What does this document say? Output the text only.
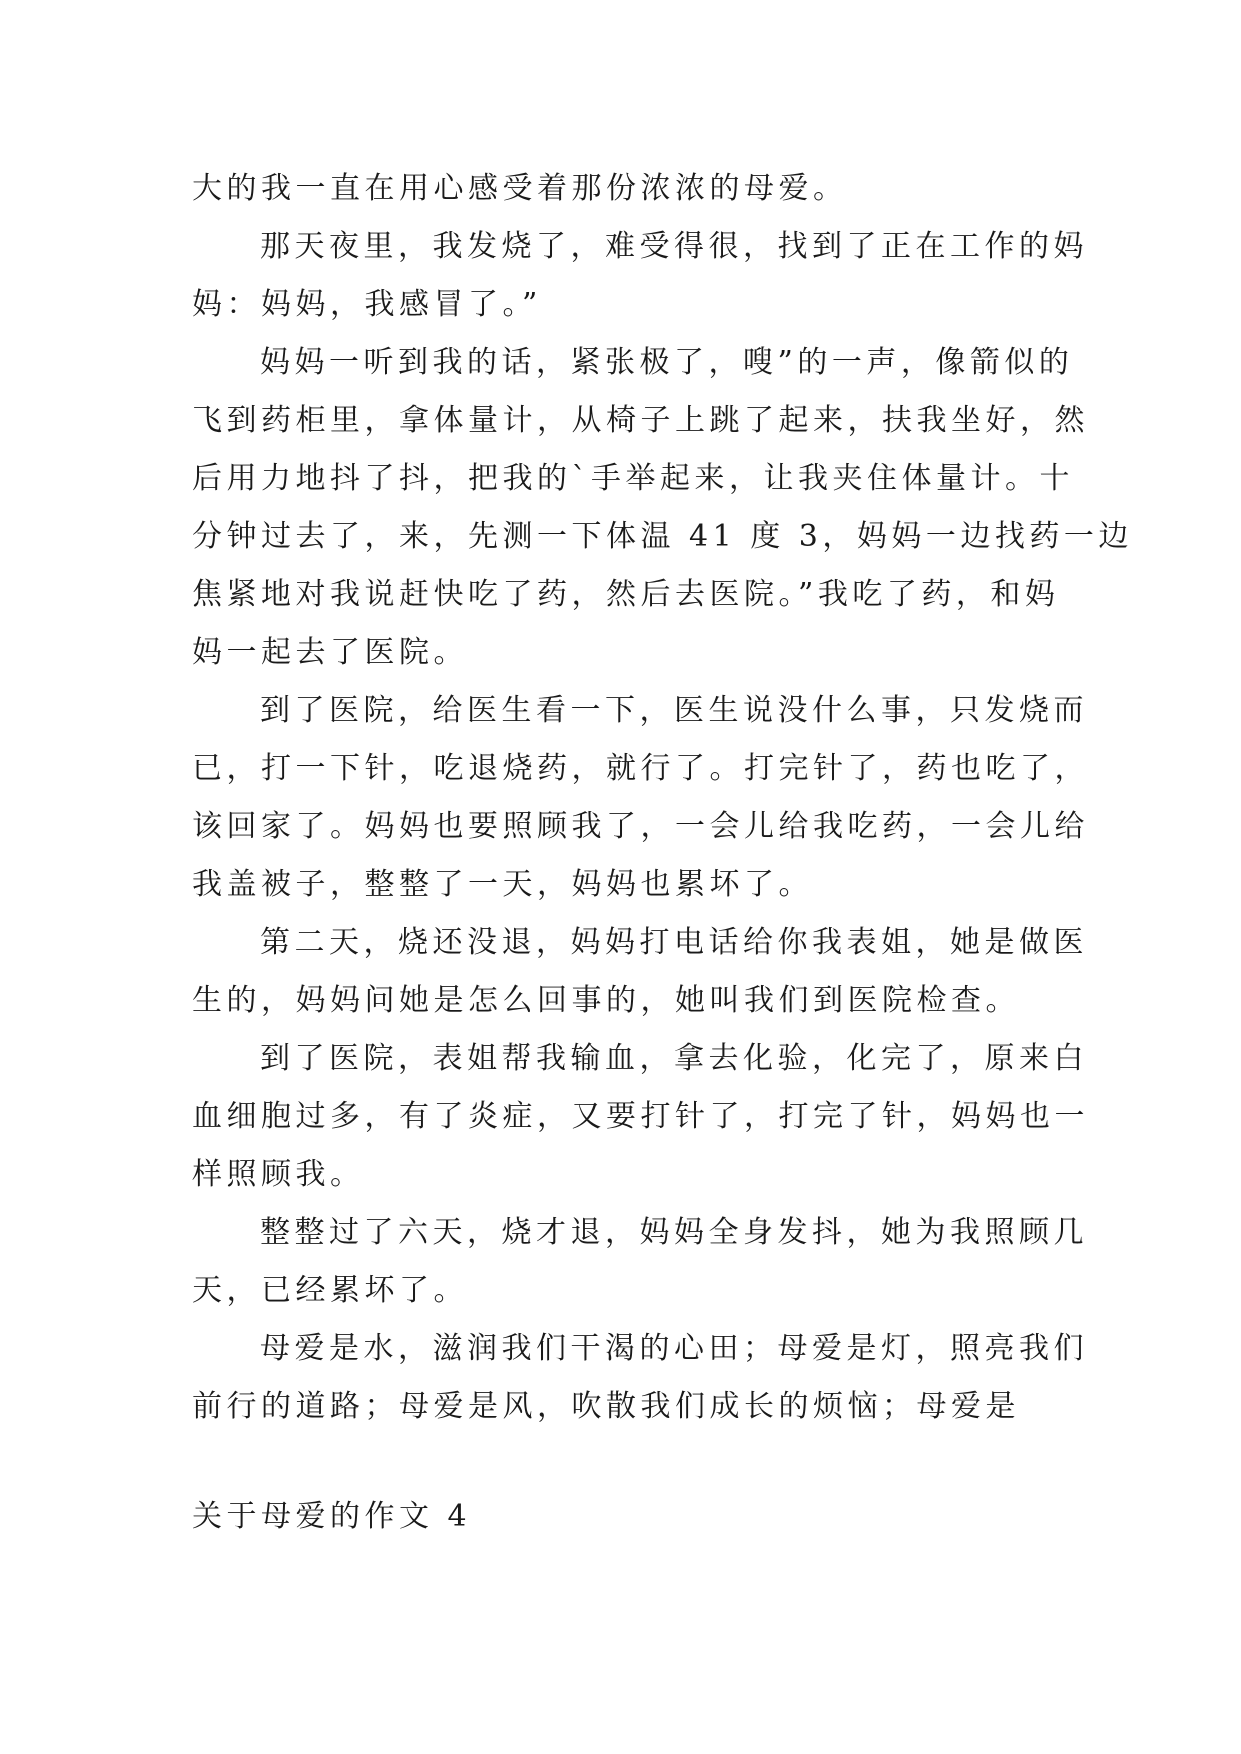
大的我一直在用心感受着那份浓浓的母爱。
那天夜里，我发烧了，难受得很，找到了正在工作的妈
妈：妈妈，我感冒了。”
妈妈一听到我的话，紧张极了，嗖”的一声，像箭似的
飞到药柜里，拿体量计，从椅子上跳了起来，扶我坐好，然
后用力地抖了抖，把我的`手举起来，让我夹住体量计。十
分钟过去了，来，先测一下体温 41 度 3，妈妈一边找药一边
焦紧地对我说赶快吃了药，然后去医院。”我吃了药，和妈
妈一起去了医院。
到了医院，给医生看一下，医生说没什么事，只发烧而
已，打一下针，吃退烧药，就行了。打完针了，药也吃了，
该回家了。妈妈也要照顾我了，一会儿给我吃药，一会儿给
我盖被子，整整了一天，妈妈也累坏了。
第二天，烧还没退，妈妈打电话给你我表姐，她是做医
生的，妈妈问她是怎么回事的，她叫我们到医院检查。
到了医院，表姐帮我输血，拿去化验，化完了，原来白
血细胞过多，有了炎症，又要打针了，打完了针，妈妈也一
样照顾我。
整整过了六天，烧才退，妈妈全身发抖，她为我照顾几
天，已经累坏了。
母爱是水，滋润我们干渴的心田；母爱是灯，照亮我们
前行的道路；母爱是风，吹散我们成长的烦恼；母爱是
关于母爱的作文 4
